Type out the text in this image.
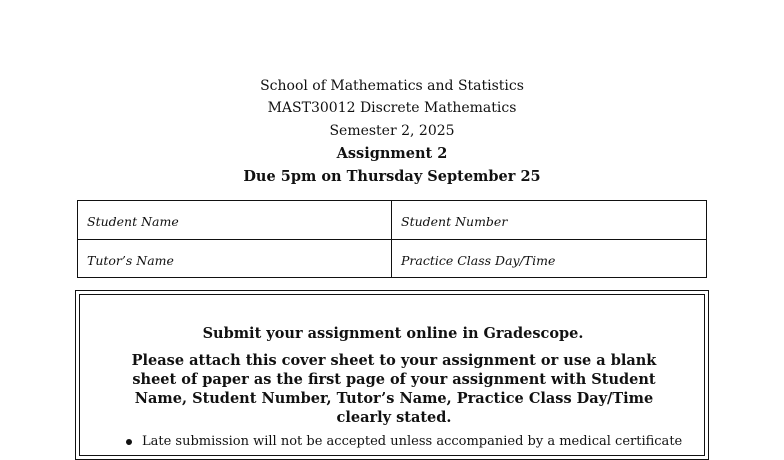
School of Mathematics and Statistics
MAST30012 Discrete Mathematics
Semester 2, 2025
Assignment 2
Due 5pm on Thursday September 25
Student Name	Student Number
Tutor’s Name	Practice Class Day/Time
Submit your assignment online in Gradescope.
Please attach this cover sheet to your assignment or use a blank sheet of paper as the first page of your assignment with Student Name, Student Number, Tutor’s Name, Practice Class Day/Time clearly stated.
Late submission will not be accepted unless accompanied by a medical certificate
